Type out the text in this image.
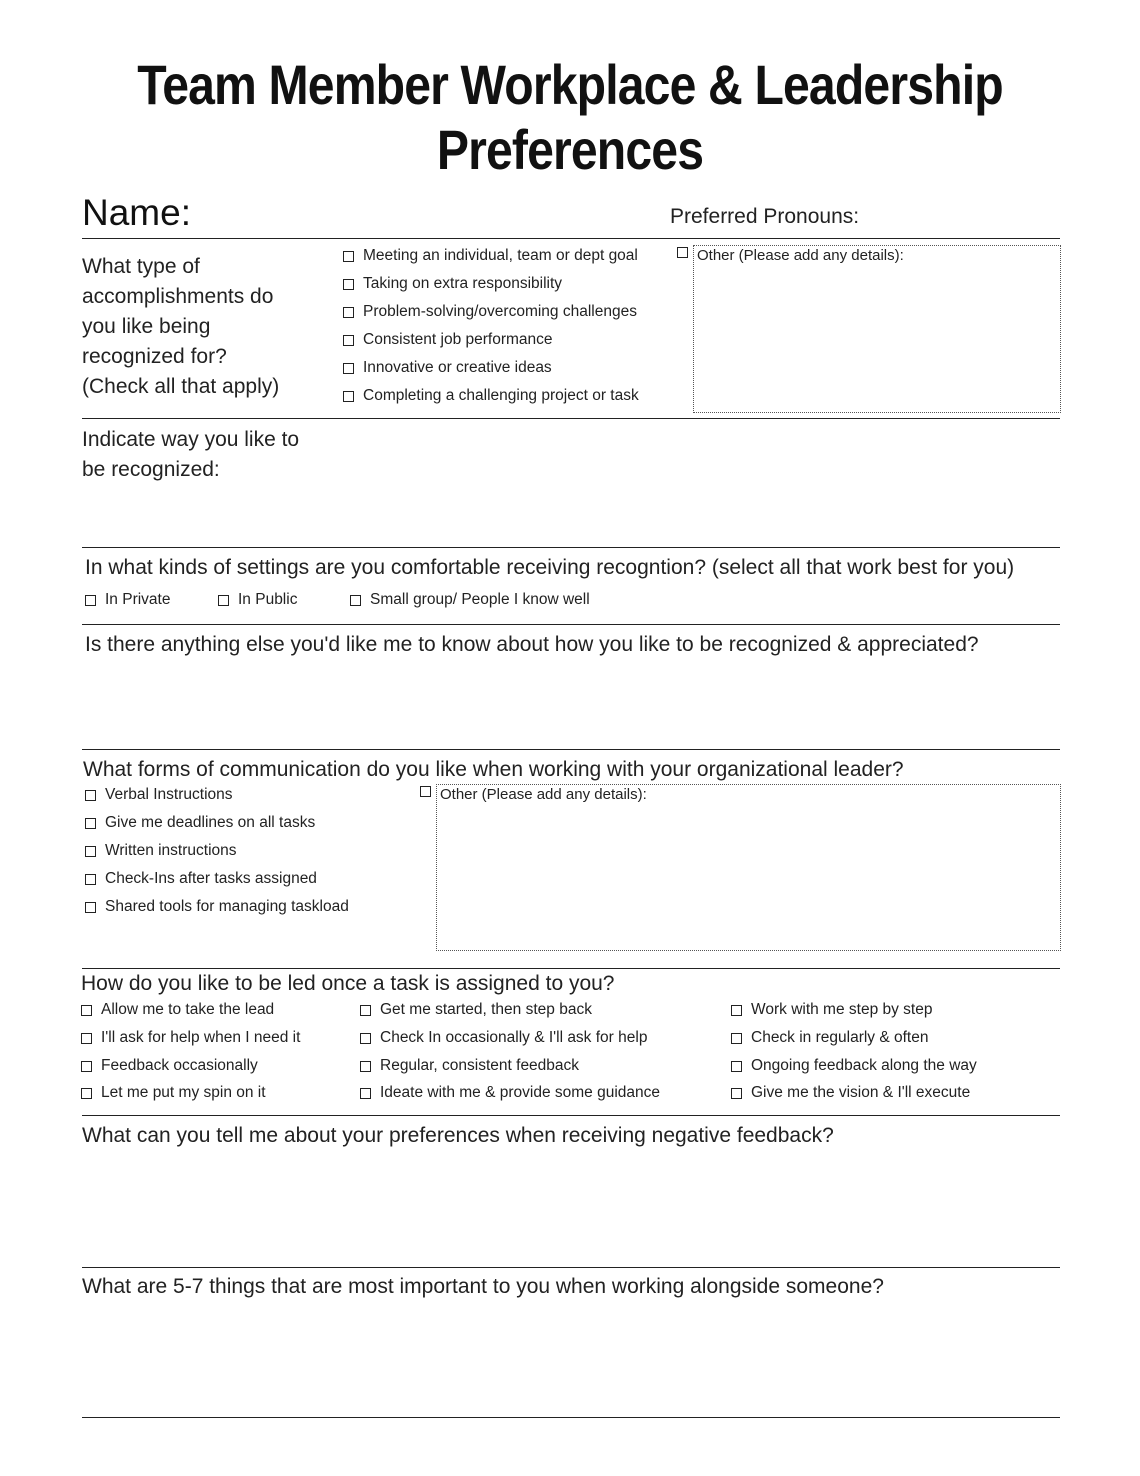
Team Member Workplace & Leadership Preferences
Name:	Preferred Pronouns:
What type of
accomplishments do
you like being
recognized for?
(Check all that apply)
Meeting an individual, team or dept goal
Taking on extra responsibility
Problem-solving/overcoming challenges
Consistent job performance
Innovative or creative ideas
Completing a challenging project or task
Other (Please add any details):
Indicate way you like to
be recognized:
In what kinds of settings are you comfortable receiving recogntion? (select all that work best for you)
In Private	In Public	Small group/ People I know well
Is there anything else you'd like me to know about how you like to be recognized & appreciated?
What forms of communication do you like when working with your organizational leader?
Verbal Instructions
Give me deadlines on all tasks
Written instructions
Check-Ins after tasks assigned
Shared tools for managing taskload
Other (Please add any details):
How do you like to be led once a task is assigned to you?
Allow me to take the lead
I'll ask for help when I need it
Feedback occasionally
Let me put my spin on it
Get me started, then step back
Check In occasionally & I'll ask for help
Regular, consistent feedback
Ideate with me & provide some guidance
Work with me step by step
Check in regularly & often
Ongoing feedback along the way
Give me the vision & I'll execute
What can you tell me about your preferences when receiving negative feedback?
What are 5-7 things that are most important to you when working alongside someone?
